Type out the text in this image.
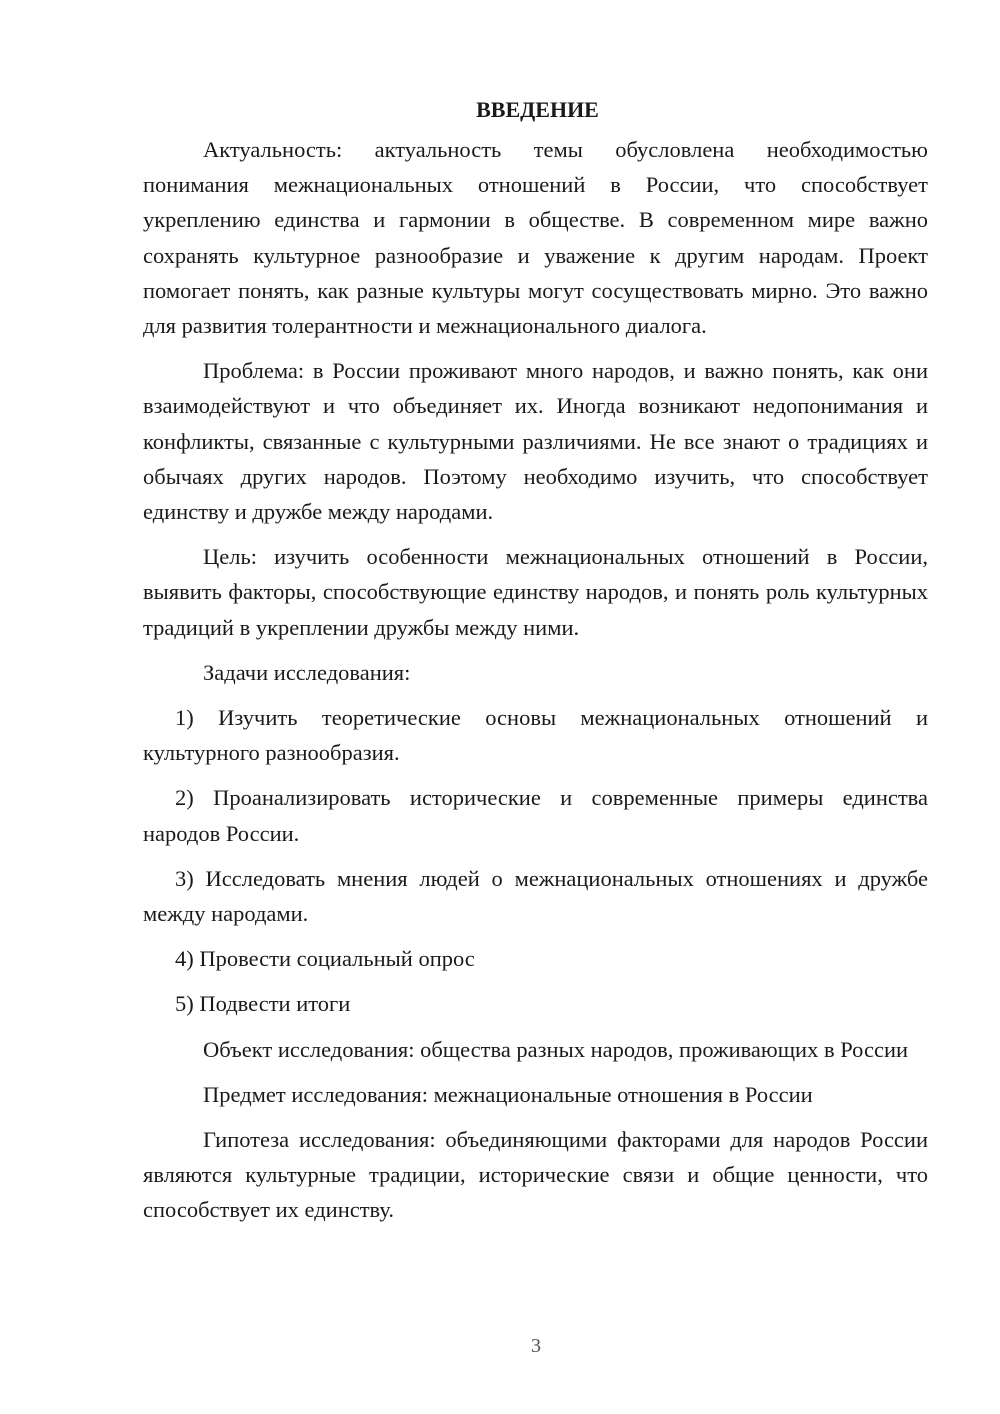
ВВЕДЕНИЕ

Актуальность: актуальность темы обусловлена необходимостью понимания межнациональных отношений в России, что способствует укреплению единства и гармонии в обществе. В современном мире важно сохранять культурное разнообразие и уважение к другим народам. Проект помогает понять, как разные культуры могут сосуществовать мирно. Это важно для развития толерантности и межнационального диалога.

Проблема: в России проживают много народов, и важно понять, как они взаимодействуют и что объединяет их. Иногда возникают недопонимания и конфликты, связанные с культурными различиями. Не все знают о традициях и обычаях других народов. Поэтому необходимо изучить, что способствует единству и дружбе между народами.

Цель: изучить особенности межнациональных отношений в России, выявить факторы, способствующие единству народов, и понять роль культурных традиций в укреплении дружбы между ними.

Задачи исследования:

1) Изучить теоретические основы межнациональных отношений и культурного разнообразия.

2) Проанализировать исторические и современные примеры единства народов России.

3) Исследовать мнения людей о межнациональных отношениях и дружбе между народами.

4) Провести социальный опрос

5) Подвести итоги

Объект исследования: общества разных народов, проживающих в России

Предмет исследования: межнациональные отношения в России

Гипотеза исследования: объединяющими факторами для народов России являются культурные традиции, исторические связи и общие ценности, что способствует их единству.

3
